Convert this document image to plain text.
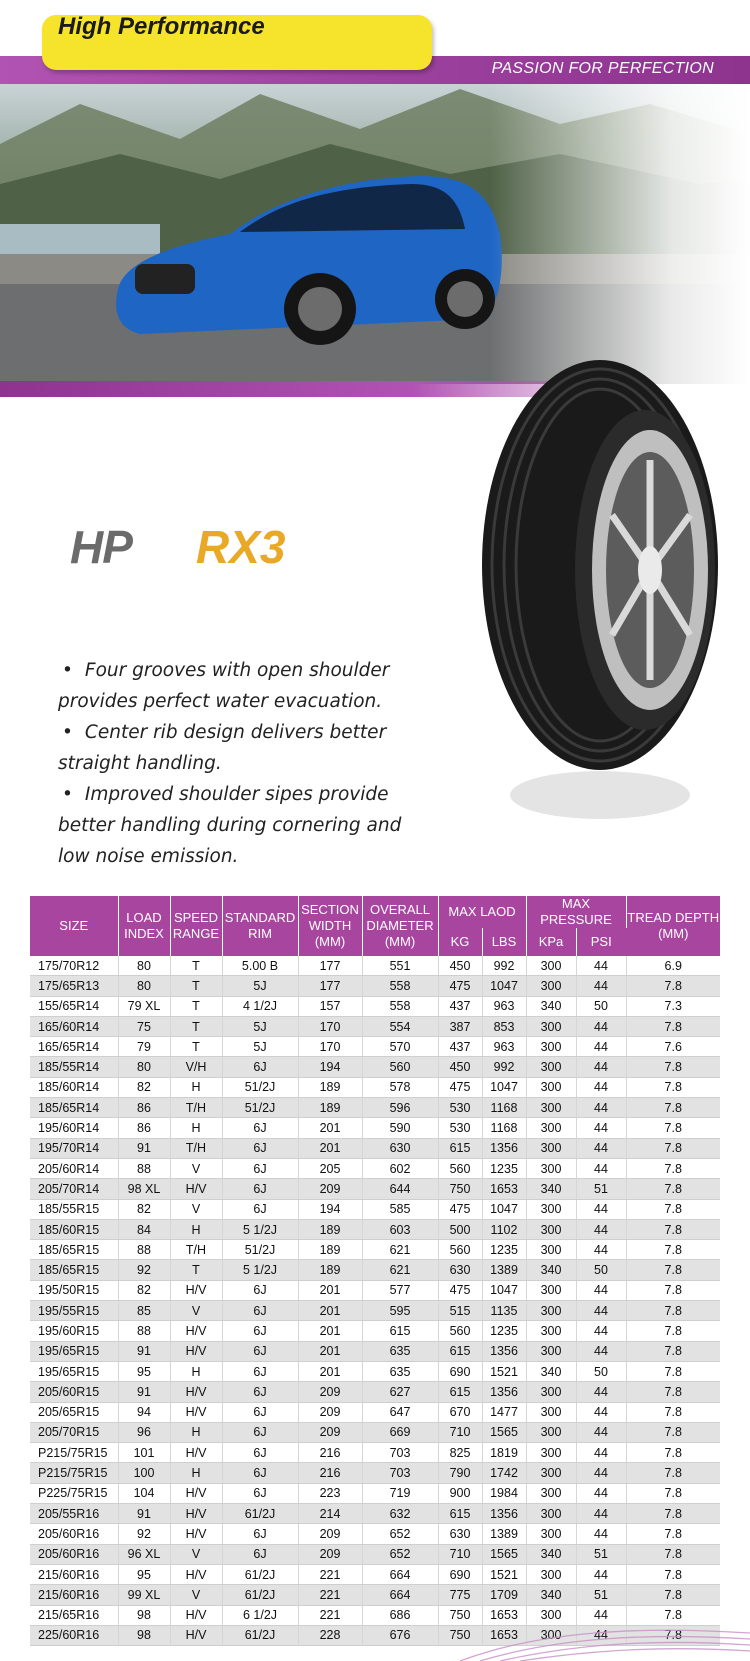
PASSION FOR PERFECTION
High Performance
HP RX3
• Four grooves with open shoulder provides perfect water evacuation.
• Center rib design delivers better straight handling.
• Improved shoulder sipes provide better handling during cornering and low noise emission.
SIZE	LOAD INDEX	SPEED RANGE	STANDARD RIM	SECTION WIDTH (MM)	OVERALL DIAMETER (MM)	MAX LAOD		MAX PRESSURE		TREAD DEPTH (MM)
						KG	LBS	KPa	PSI	
175/70R12	80	T	5.00 B	177	551	450	992	300	44	6.9
175/65R13	80	T	5J	177	558	475	1047	300	44	7.8
155/65R14	79 XL	T	4 1/2J	157	558	437	963	340	50	7.3
165/60R14	75	T	5J	170	554	387	853	300	44	7.8
165/65R14	79	T	5J	170	570	437	963	300	44	7.6
185/55R14	80	V/H	6J	194	560	450	992	300	44	7.8
185/60R14	82	H	51/2J	189	578	475	1047	300	44	7.8
185/65R14	86	T/H	51/2J	189	596	530	1168	300	44	7.8
195/60R14	86	H	6J	201	590	530	1168	300	44	7.8
195/70R14	91	T/H	6J	201	630	615	1356	300	44	7.8
205/60R14	88	V	6J	205	602	560	1235	300	44	7.8
205/70R14	98 XL	H/V	6J	209	644	750	1653	340	51	7.8
185/55R15	82	V	6J	194	585	475	1047	300	44	7.8
185/60R15	84	H	5 1/2J	189	603	500	1102	300	44	7.8
185/65R15	88	T/H	51/2J	189	621	560	1235	300	44	7.8
185/65R15	92	T	5 1/2J	189	621	630	1389	340	50	7.8
195/50R15	82	H/V	6J	201	577	475	1047	300	44	7.8
195/55R15	85	V	6J	201	595	515	1135	300	44	7.8
195/60R15	88	H/V	6J	201	615	560	1235	300	44	7.8
195/65R15	91	H/V	6J	201	635	615	1356	300	44	7.8
195/65R15	95	H	6J	201	635	690	1521	340	50	7.8
205/60R15	91	H/V	6J	209	627	615	1356	300	44	7.8
205/65R15	94	H/V	6J	209	647	670	1477	300	44	7.8
205/70R15	96	H	6J	209	669	710	1565	300	44	7.8
P215/75R15	101	H/V	6J	216	703	825	1819	300	44	7.8
P215/75R15	100	H	6J	216	703	790	1742	300	44	7.8
P225/75R15	104	H/V	6J	223	719	900	1984	300	44	7.8
205/55R16	91	H/V	61/2J	214	632	615	1356	300	44	7.8
205/60R16	92	H/V	6J	209	652	630	1389	300	44	7.8
205/60R16	96 XL	V	6J	209	652	710	1565	340	51	7.8
215/60R16	95	H/V	61/2J	221	664	690	1521	300	44	7.8
215/60R16	99 XL	V	61/2J	221	664	775	1709	340	51	7.8
215/65R16	98	H/V	6 1/2J	221	686	750	1653	300	44	7.8
225/60R16	98	H/V	61/2J	228	676	750	1653	300	44	7.8
